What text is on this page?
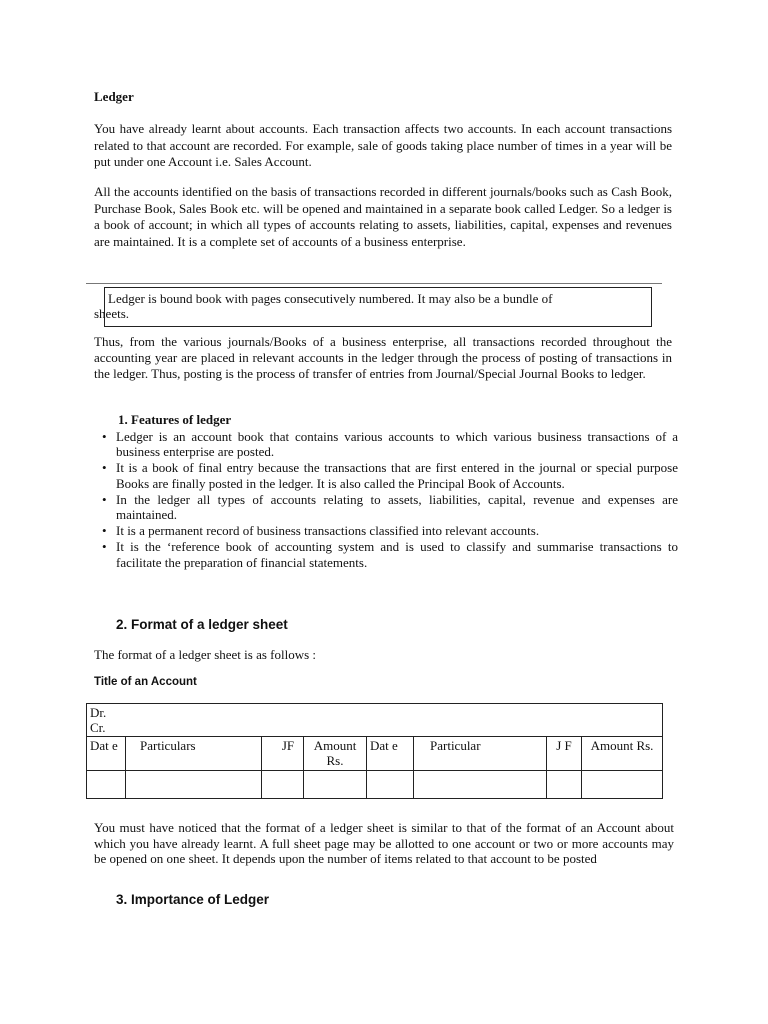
Ledger

You have already learnt about accounts. Each transaction affects two accounts. In each account transactions related to that account are recorded. For example, sale of goods taking place number of times in a year will be put under one Account i.e. Sales Account.

All the accounts identified on the basis of transactions recorded in different journals/books such as Cash Book, Purchase Book, Sales Book etc. will be opened and maintained in a separate book called Ledger. So a ledger is a book of account; in which all types of accounts relating to assets, liabilities, capital, expenses and revenues are maintained. It is a complete set of accounts of a business enterprise.

Ledger is bound book with pages consecutively numbered. It may also be a bundle of
sheets.

Thus, from the various journals/Books of a business enterprise, all transactions recorded throughout the accounting year are placed in relevant accounts in the ledger through the process of posting of transactions in the ledger. Thus, posting is the process of transfer of entries from Journal/Special Journal Books to ledger.

1. Features of ledger
• Ledger is an account book that contains various accounts to which various business transactions of a business enterprise are posted.
• It is a book of final entry because the transactions that are first entered in the journal or special purpose Books are finally posted in the ledger. It is also called the Principal Book of Accounts.
• In the ledger all types of accounts relating to assets, liabilities, capital, revenue and expenses are maintained.
• It is a permanent record of business transactions classified into relevant accounts.
• It is the ‘reference book of accounting system and is used to classify and summarise transactions to facilitate the preparation of financial statements.
2. Format of a ledger sheet
The format of a ledger sheet is as follows :
Title of an Account
Dr.
Cr.							

Dat e	Particulars	JF	Amount Rs.	Dat e	Particular	J F	Amount Rs.

You must have noticed that the format of a ledger sheet is similar to that of the format of an Account about which you have already learnt. A full sheet page may be allotted to one account or two or more accounts may be opened on one sheet. It depends upon the number of items related to that account to be posted

3. Importance of Ledger
